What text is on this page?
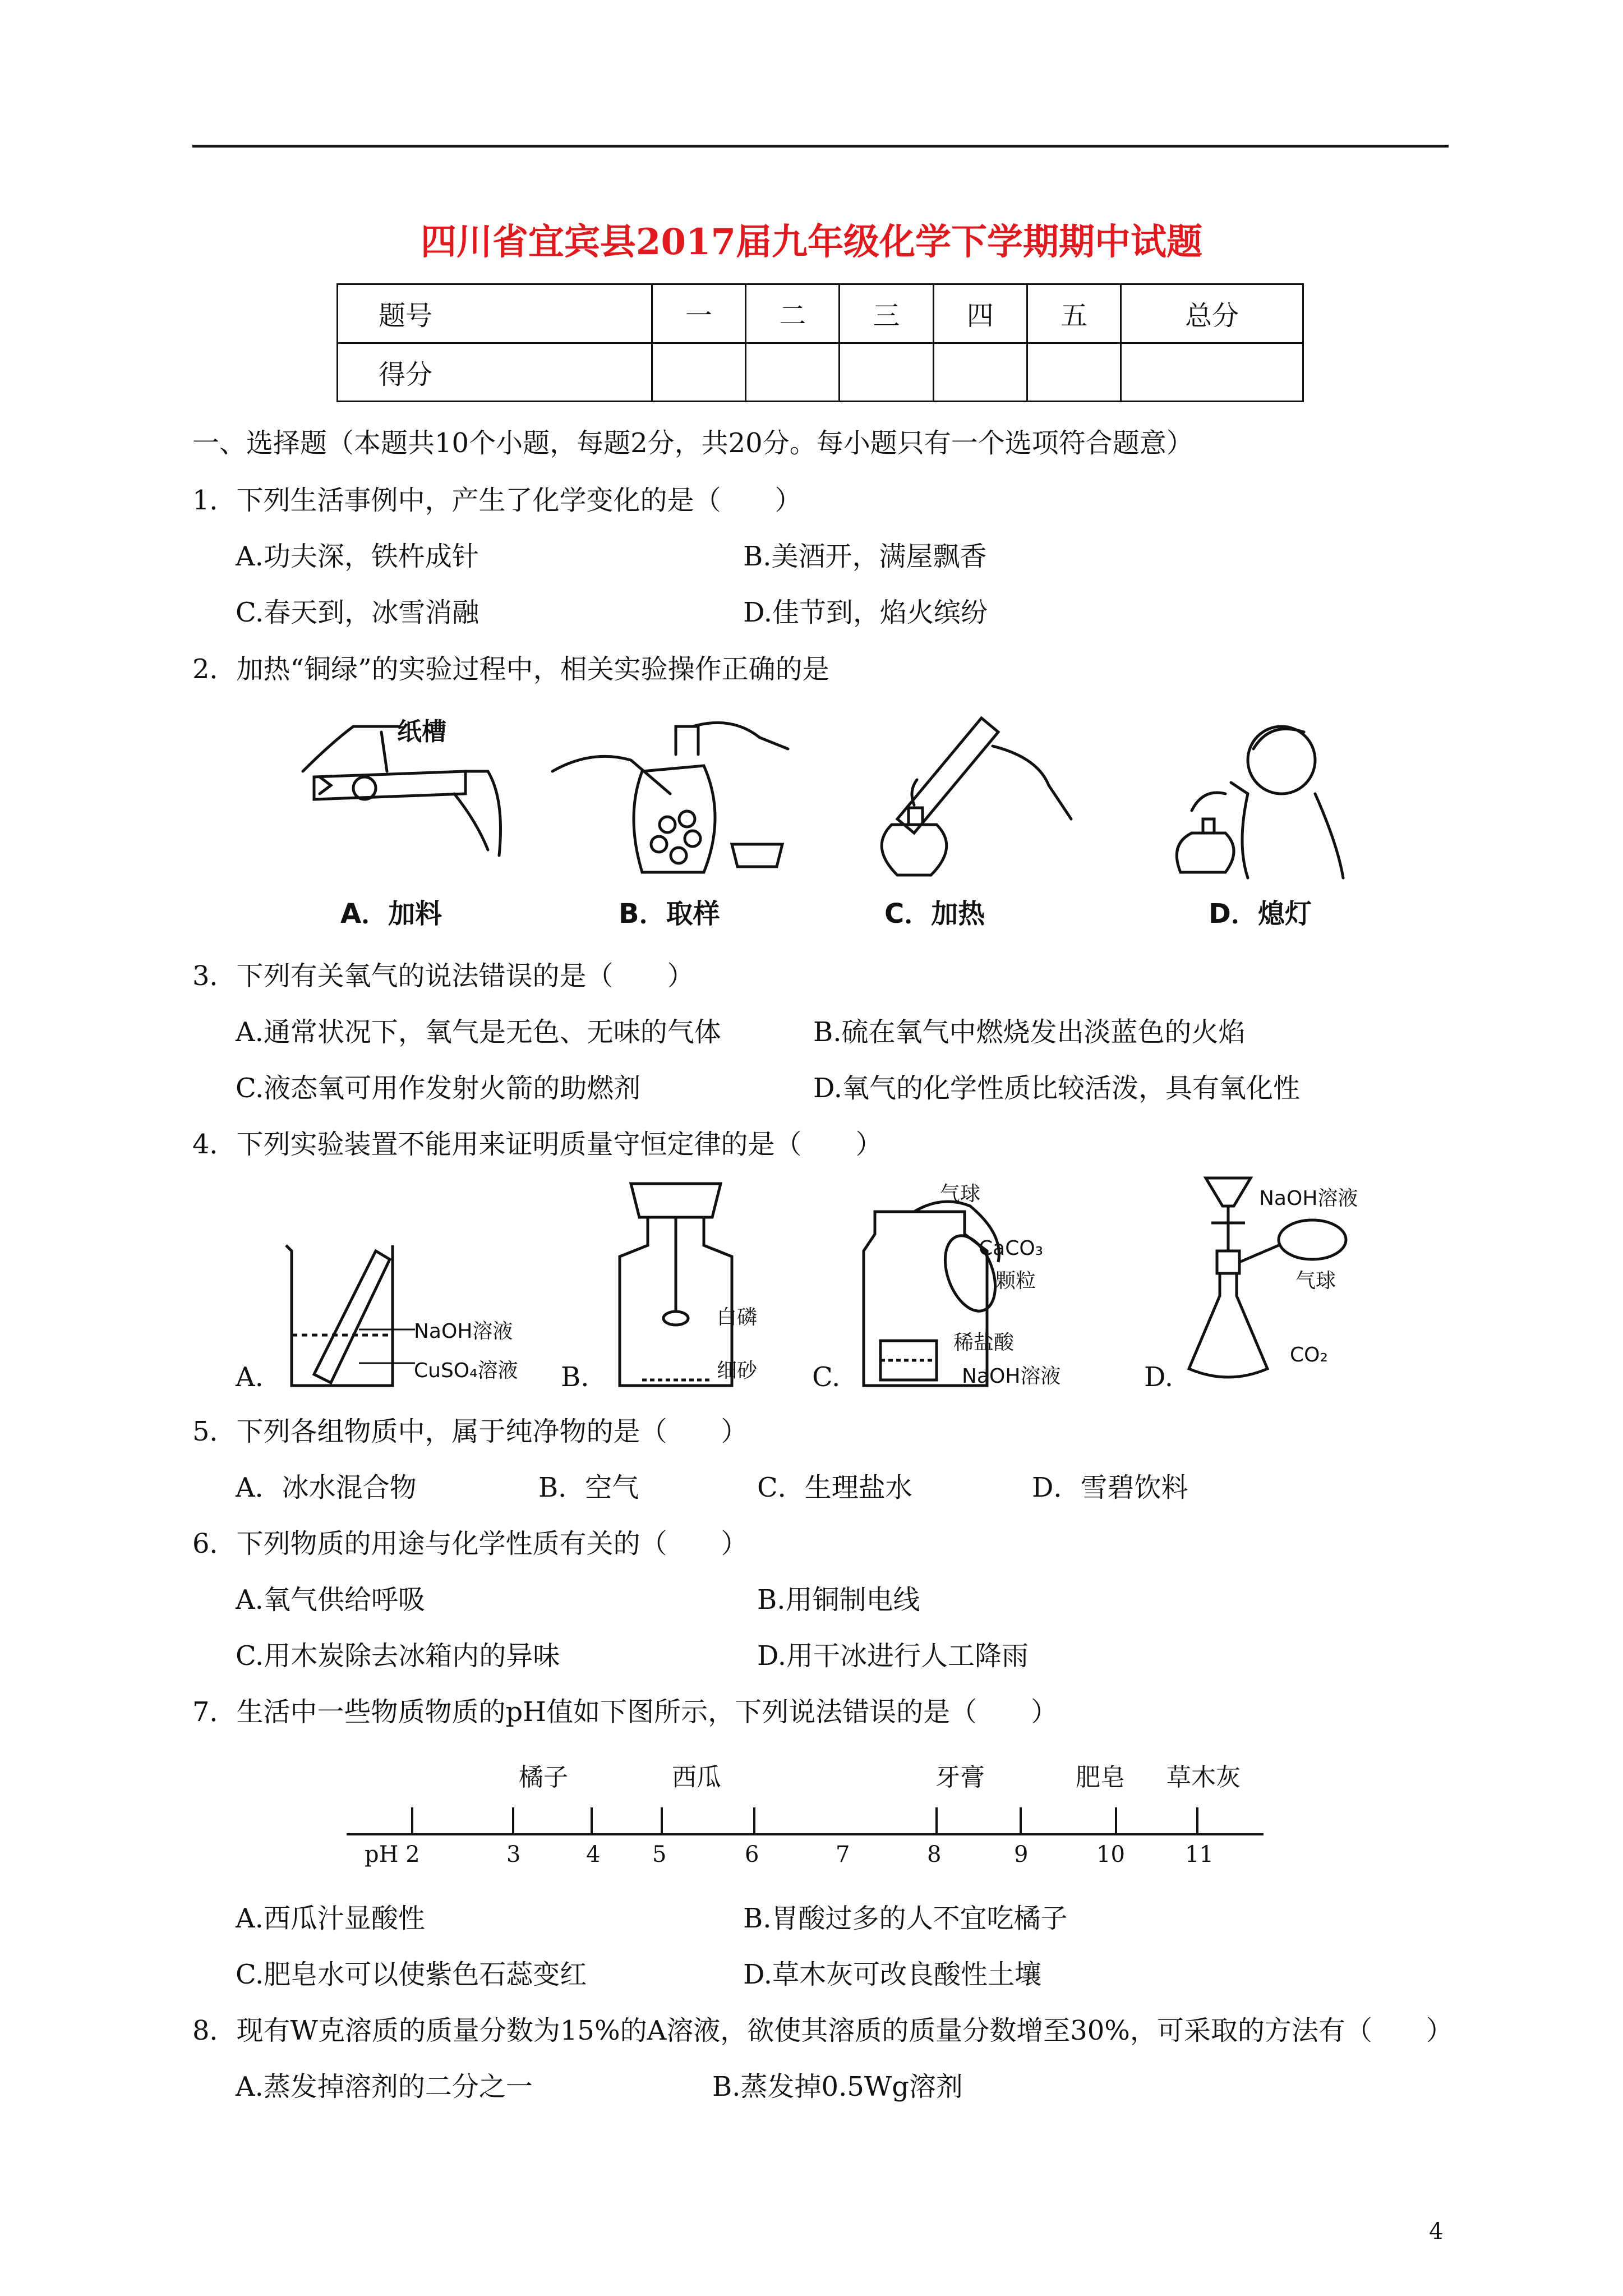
四川省宜宾县2017届九年级化学下学期期中试题
题号	一	二	三	四	五	总分
得分						
一、选择题（本题共10个小题，每题2分，共20分。每小题只有一个选项符合题意）
1．下列生活事例中，产生了化学变化的是（　　）
A.功夫深，铁杵成针	B.美酒开，满屋飘香
C.春天到，冰雪消融	D.佳节到，焰火缤纷
2．加热“铜绿”的实验过程中，相关实验操作正确的是
纸槽
A．加料	B．取样	C．加热	D．熄灯
3．下列有关氧气的说法错误的是（　　）
A.通常状况下，氧气是无色、无味的气体	B.硫在氧气中燃烧发出淡蓝色的火焰
C.液态氧可用作发射火箭的助燃剂	D.氧气的化学性质比较活泼，具有氧化性
4．下列实验装置不能用来证明质量守恒定律的是（　　）
NaOH溶液
CuSO₄溶液
A.
白磷
细砂
B.
气球
CaCO₃
颗粒
稀盐酸
NaOH溶液
C.
NaOH溶液
气球
CO₂
D.
5．下列各组物质中，属于纯净物的是（　　）
A．冰水混合物	B．空气	C．生理盐水	D．雪碧饮料
6．下列物质的用途与化学性质有关的（　　）
A.氧气供给呼吸	B.用铜制电线
C.用木炭除去冰箱内的异味	D.用干冰进行人工降雨
7．生活中一些物质物质的pH值如下图所示，下列说法错误的是（　　）
橘子	西瓜	牙膏	肥皂 草木灰
pH 2	3	4 5	6	7	8	9	10	11
A.西瓜汁显酸性	B.胃酸过多的人不宜吃橘子
C.肥皂水可以使紫色石蕊变红	D.草木灰可改良酸性土壤
8．现有W克溶质的质量分数为15%的A溶液，欲使其溶质的质量分数增至30%，可采取的方法有（　　）
A.蒸发掉溶剂的二分之一	B.蒸发掉0.5Wg溶剂
4
